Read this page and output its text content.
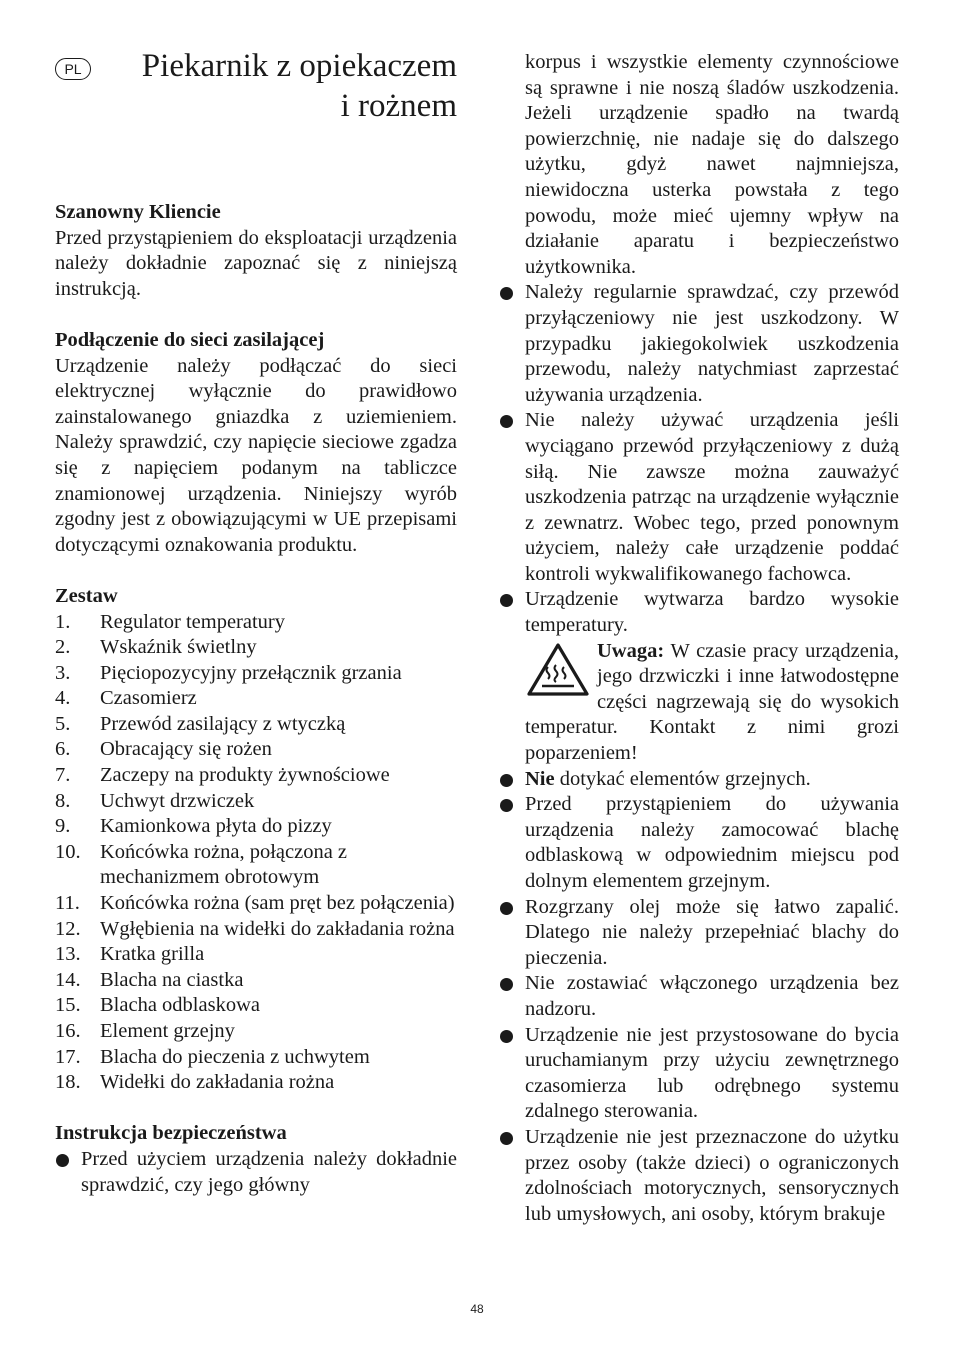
PL	Piekarnik z opiekaczem i rożnem
Szanowny Kliencie

Przed przystąpieniem do eksploatacji urządzenia należy dokładnie zapoznać się z niniejszą instrukcją.

Podłączenie do sieci zasilającej

Urządzenie należy podłączać do sieci elektrycznej wyłącznie do prawidłowo zainstalowanego gniazdka z uziemieniem. Należy sprawdzić, czy napięcie sieciowe zgadza się z napięciem podanym na tabliczce znamionowej urządzenia. Niniejszy wyrób zgodny jest z obowiązującymi w UE przepisami dotyczącymi oznakowania produktu.

Zestaw
1. Regulator temperatury
2. Wskaźnik świetlny
3. Pięciopozycyjny przełącznik grzania
4. Czasomierz
5. Przewód zasilający z wtyczką
6. Obracający się rożen
7. Zaczepy na produkty żywnościowe
8. Uchwyt drzwiczek
9. Kamionkowa płyta do pizzy
10. Końcówka rożna, połączona z mechanizmem obrotowym
11. Końcówka rożna (sam pręt bez połączenia)
12. Wgłębienia na widełki do zakładania rożna
13. Kratka grilla
14. Blacha na ciastka
15. Blacha odblaskowa
16. Element grzejny
17. Blacha do pieczenia z uchwytem
18. Widełki do zakładania rożna
Instrukcja bezpieczeństwa
Przed użyciem urządzenia należy dokładnie sprawdzić, czy jego główny

korpus i wszystkie elementy czynnościowe są sprawne i nie noszą śladów uszkodzenia. Jeżeli urządzenie spadło na twardą powierzchnię, nie nadaje się do dalszego użytku, gdyż nawet najmniejsza, niewidoczna usterka powstała z tego powodu, może mieć ujemny wpływ na działanie aparatu i bezpieczeństwo użytkownika.

Należy regularnie sprawdzać, czy przewód przyłączeniowy nie jest uszkodzony. W przypadku jakiegokolwiek uszkodzenia przewodu, należy natychmiast zaprzestać używania urządzenia.
Nie należy używać urządzenia jeśli wyciągano przewód przyłączeniowy z dużą siłą. Nie zawsze można zauważyć uszkodzenia patrząc na urządzenie wyłącznie z zewnatrz. Wobec tego, przed ponownym użyciem, należy całe urządzenie poddać kontroli wykwalifikowanego fachowca.
Urządzenie wytwarza bardzo wysokie temperatury.
Uwaga: W czasie pracy urządzenia, jego drzwiczki i inne łatwodostępne części nagrzewają się do wysokich temperatur. Kontakt z nimi grozi poparzeniem!
Nie dotykać elementów grzejnych.
Przed przystąpieniem do używania urządzenia należy zamocować blachę odblaskową w odpowiednim miejscu pod dolnym elementem grzejnym.
Rozgrzany olej może się łatwo zapalić. Dlatego nie należy przepełniać blachy do pieczenia.
Nie zostawiać włączonego urządzenia bez nadzoru.
Urządzenie nie jest przystosowane do bycia uruchamianym przy użyciu zewnętrznego czasomierza lub odrębnego systemu zdalnego sterowania.
Urządzenie nie jest przeznaczone do użytku przez osoby (także dzieci) o ograniczonych zdolnościach motorycznych, sensorycznych lub umysłowych, ani osoby, którym brakuje
48
